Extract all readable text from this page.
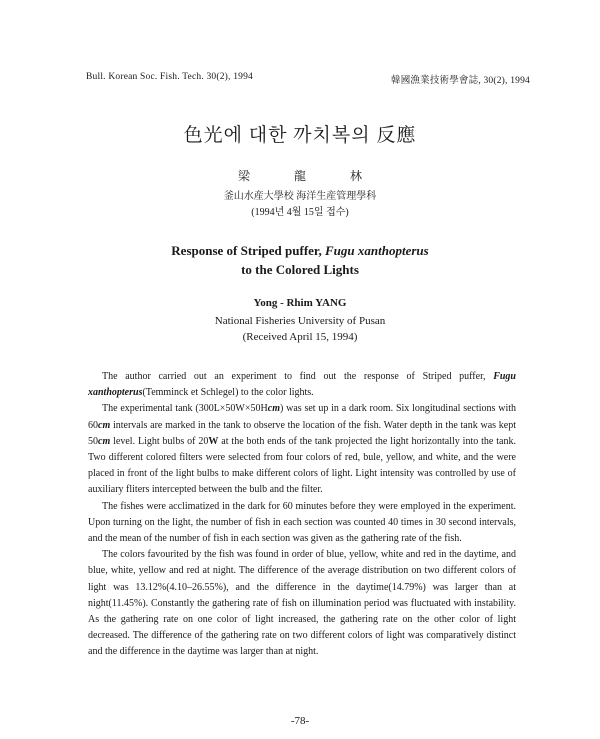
Bull. Korean Soc. Fish. Tech. 30(2), 1994	韓國漁業技術學會誌, 30(2), 1994
色光에 대한 까치복의 反應
梁	龍	林
釜山水産大學校 海洋生産管理學科
(1994년 4월 15일 접수)
Response of Striped puffer, Fugu xanthopterus
to the Colored Lights
Yong - Rhim YANG
National Fisheries University of Pusan
(Received April 15, 1994)

The author carried out an experiment to find out the response of Striped puffer, Fugu xanthopterus(Temminck et Schlegel) to the color lights.

The experimental tank (300L×50W×50Hcm) was set up in a dark room. Six longitudinal sections with 60cm intervals are marked in the tank to observe the location of the fish. Water depth in the tank was kept 50cm level. Light bulbs of 20W at the both ends of the tank projected the light horizontally into the tank. Two different colored filters were selected from four colors of red, bule, yellow, and white, and the were placed in front of the light bulbs to make different colors of light. Light intensity was controlled by use of auxiliary fliters intercepted between the bulb and the filter.

The fishes were acclimatized in the dark for 60 minutes before they were employed in the experiment. Upon turning on the light, the number of fish in each section was counted 40 times in 30 second intervals, and the mean of the number of fish in each section was given as the gathering rate of the fish.

The colors favourited by the fish was found in order of blue, yellow, white and red in the daytime, and blue, white, yellow and red at night. The difference of the average distribution on two different colors of light was 13.12%(4.10–26.55%), and the difference in the daytime(14.79%) was larger than at night(11.45%). Constantly the gathering rate of fish on illumination period was fluctuated with instability. As the gathering rate on one color of light increased, the gathering rate on the other color of light decreased. The difference of the gathering rate on two different colors of light was comparatively distinct and the difference in the daytime was larger than at night.

-78-
